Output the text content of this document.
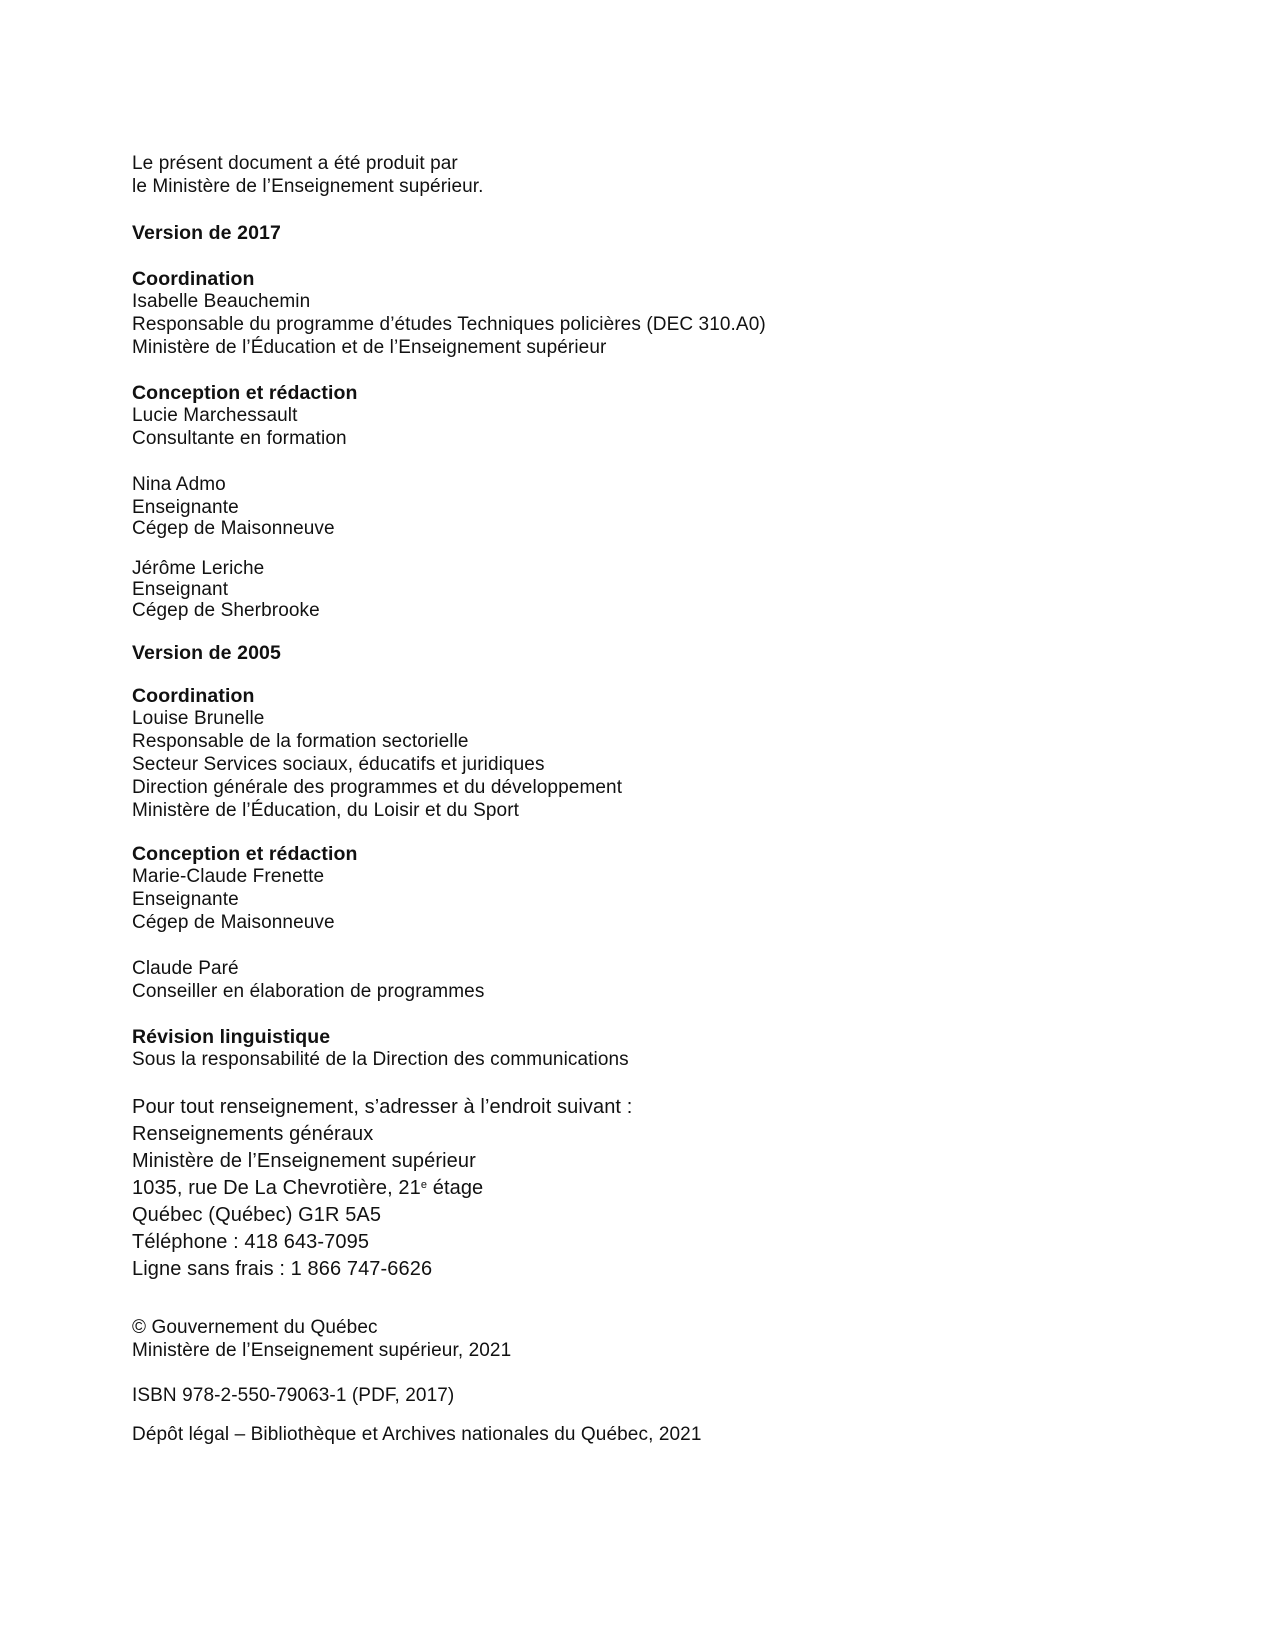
Le présent document a été produit par

le Ministère de l’Enseignement supérieur.

Version de 2017

Coordination

Isabelle Beauchemin

Responsable du programme d’études Techniques policières (DEC 310.A0)

Ministère de l’Éducation et de l’Enseignement supérieur

Conception et rédaction

Lucie Marchessault

Consultante en formation

Nina Admo

Enseignante

Cégep de Maisonneuve

Jérôme Leriche

Enseignant

Cégep de Sherbrooke

Version de 2005

Coordination

Louise Brunelle

Responsable de la formation sectorielle

Secteur Services sociaux, éducatifs et juridiques

Direction générale des programmes et du développement

Ministère de l’Éducation, du Loisir et du Sport

Conception et rédaction

Marie-Claude Frenette

Enseignante

Cégep de Maisonneuve

Claude Paré

Conseiller en élaboration de programmes

Révision linguistique

Sous la responsabilité de la Direction des communications

Pour tout renseignement, s’adresser à l’endroit suivant :

Renseignements généraux

Ministère de l’Enseignement supérieur

1035, rue De La Chevrotière, 21e étage

Québec (Québec) G1R 5A5

Téléphone : 418 643-7095

Ligne sans frais : 1 866 747-6626

© Gouvernement du Québec

Ministère de l’Enseignement supérieur, 2021

ISBN 978-2-550-79063-1 (PDF, 2017)

Dépôt légal – Bibliothèque et Archives nationales du Québec, 2021
